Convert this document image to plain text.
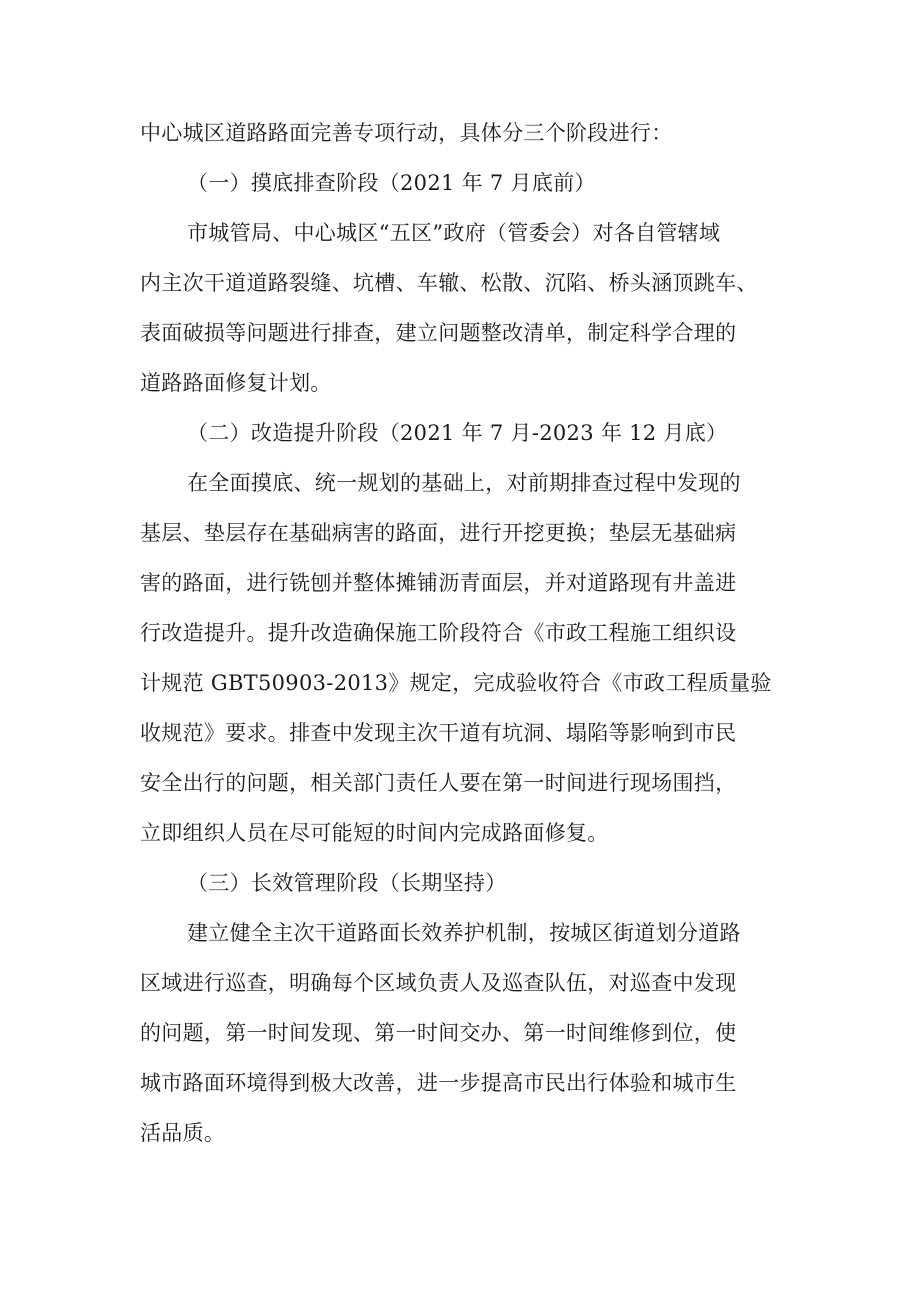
中心城区道路路面完善专项行动，具体分三个阶段进行：

（一）摸底排查阶段（2021 年 7 月底前）

市城管局、中心城区“五区”政府（管委会）对各自管辖域

内主次干道道路裂缝、坑槽、车辙、松散、沉陷、桥头涵顶跳车、

表面破损等问题进行排查，建立问题整改清单，制定科学合理的

道路路面修复计划。

（二）改造提升阶段（2021 年 7 月-2023 年 12 月底）

在全面摸底、统一规划的基础上，对前期排查过程中发现的

基层、垫层存在基础病害的路面，进行开挖更换；垫层无基础病

害的路面，进行铣刨并整体摊铺沥青面层，并对道路现有井盖进

行改造提升。提升改造确保施工阶段符合《市政工程施工组织设

计规范 GBT50903-2013》规定，完成验收符合《市政工程质量验

收规范》要求。排查中发现主次干道有坑洞、塌陷等影响到市民

安全出行的问题，相关部门责任人要在第一时间进行现场围挡，

立即组织人员在尽可能短的时间内完成路面修复。

（三）长效管理阶段（长期坚持）

建立健全主次干道路面长效养护机制，按城区街道划分道路

区域进行巡查，明确每个区域负责人及巡查队伍，对巡查中发现

的问题，第一时间发现、第一时间交办、第一时间维修到位，使

城市路面环境得到极大改善，进一步提高市民出行体验和城市生

活品质。
